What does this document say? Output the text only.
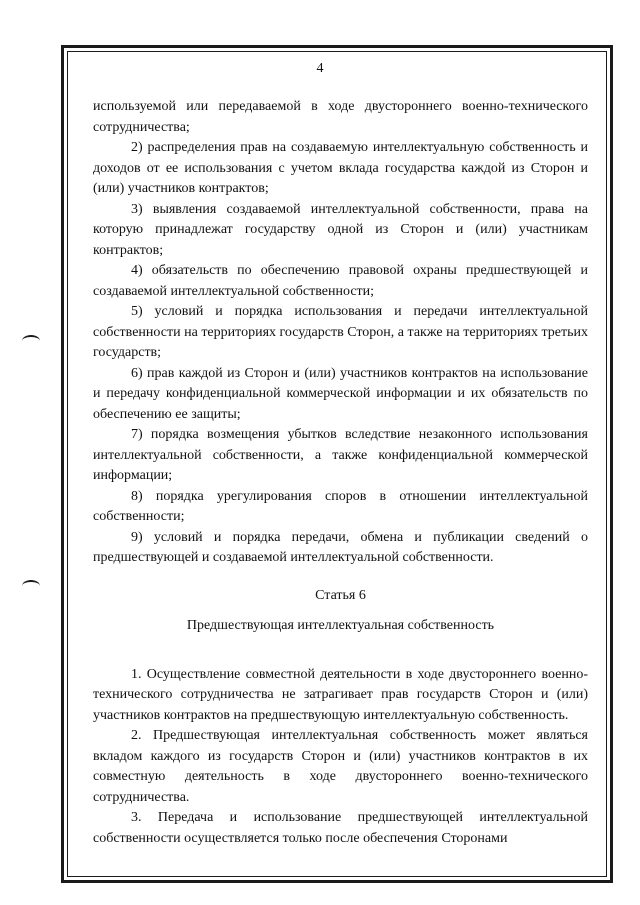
4

используемой или передаваемой в ходе двустороннего военно-технического сотрудничества;

2) распределения прав на создаваемую интеллектуальную собственность и доходов от ее использования с учетом вклада государства каждой из Сторон и (или) участников контрактов;

3) выявления создаваемой интеллектуальной собственности, права на которую принадлежат государству одной из Сторон и (или) участникам контрактов;

4) обязательств по обеспечению правовой охраны предшествующей и создаваемой интеллектуальной собственности;

5) условий и порядка использования и передачи интеллектуальной собственности на территориях государств Сторон, а также на территориях третьих государств;

6) прав каждой из Сторон и (или) участников контрактов на использование и передачу конфиденциальной коммерческой информации и их обязательств по обеспечению ее защиты;

7) порядка возмещения убытков вследствие незаконного использования интеллектуальной собственности, а также конфиденциальной коммерческой информации;

8) порядка урегулирования споров в отношении интеллектуальной собственности;

9) условий и порядка передачи, обмена и публикации сведений о предшествующей и создаваемой интеллектуальной собственности.

Статья 6

Предшествующая интеллектуальная собственность

1. Осуществление совместной деятельности в ходе двустороннего военно-технического сотрудничества не затрагивает прав государств Сторон и (или) участников контрактов на предшествующую интеллектуальную собственность.

2. Предшествующая интеллектуальная собственность может являться вкладом каждого из государств Сторон и (или) участников контрактов в их совместную деятельность в ходе двустороннего военно-технического сотрудничества.

3. Передача и использование предшествующей интеллектуальной собственности осуществляется только после обеспечения Сторонами
